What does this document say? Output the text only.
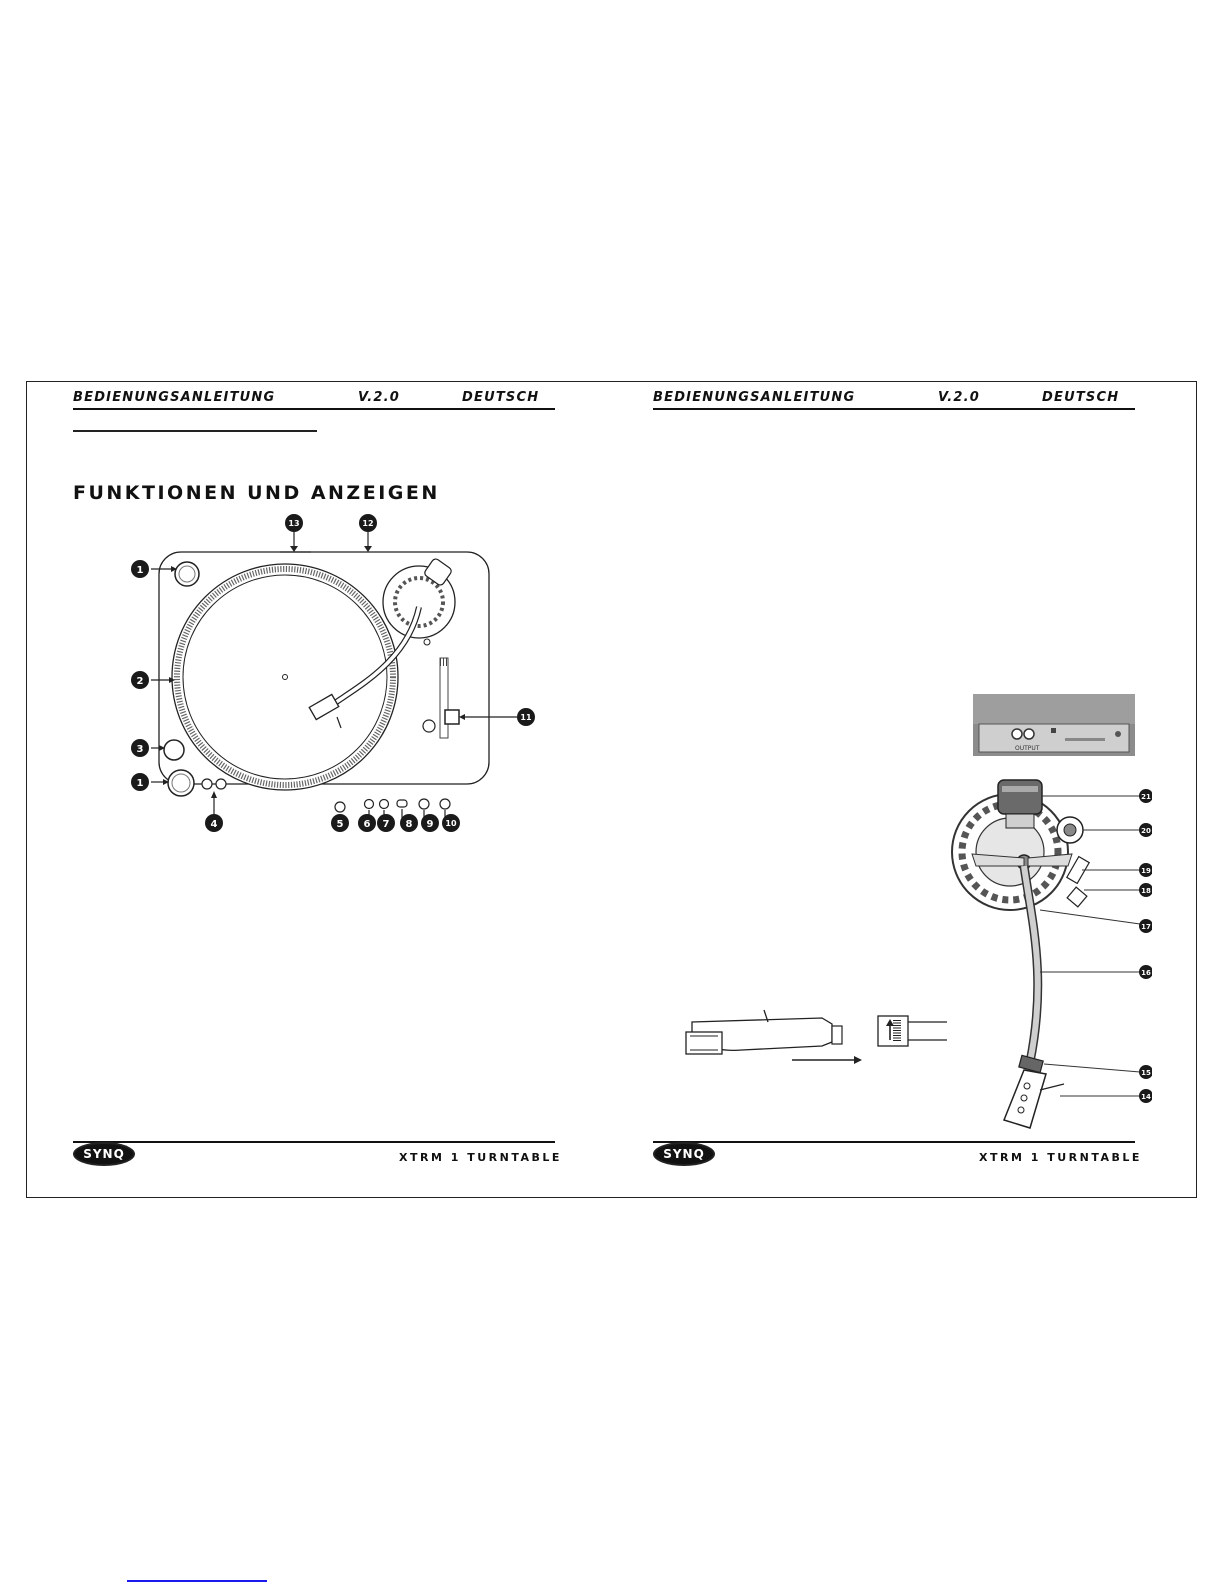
BEDIENUNGSANLEITUNG	V.2.0	DEUTSCH
FUNKTIONEN UND ANZEIGEN
1
2
3
1
4	5 6 7 8 9 10
11
12
13
SYNQ	XTRM 1 TURNTABLE
BEDIENUNGSANLEITUNG	V.2.0	DEUTSCH
OUTPUT
21
20
19
18
17
16
15
14
SYNQ	XTRM 1 TURNTABLE
